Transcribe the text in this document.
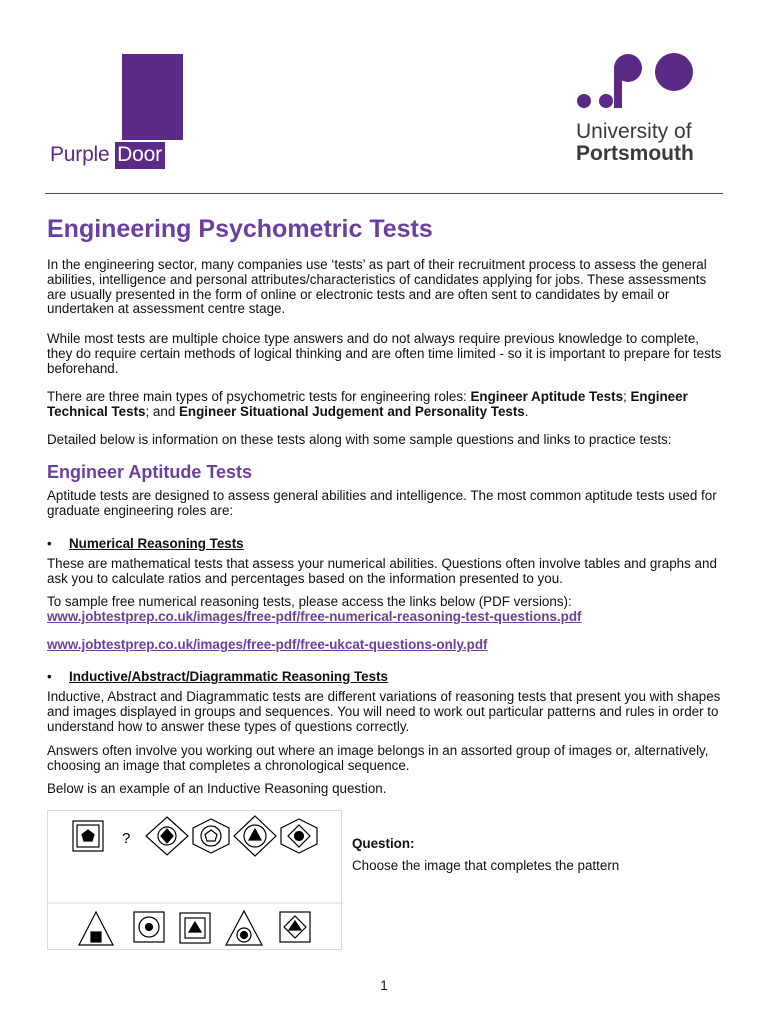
Purple Door
University of
Portsmouth
Engineering Psychometric Tests
In the engineering sector, many companies use ‘tests’ as part of their recruitment process to assess the general abilities, intelligence and personal attributes/characteristics of candidates applying for jobs. These assessments are usually presented in the form of online or electronic tests and are often sent to candidates by email or undertaken at assessment centre stage.
While most tests are multiple choice type answers and do not always require previous knowledge to complete, they do require certain methods of logical thinking and are often time limited - so it is important to prepare for tests beforehand.
There are three main types of psychometric tests for engineering roles: Engineer Aptitude Tests; Engineer Technical Tests; and Engineer Situational Judgement and Personality Tests.
Detailed below is information on these tests along with some sample questions and links to practice tests:
Engineer Aptitude Tests
Aptitude tests are designed to assess general abilities and intelligence. The most common aptitude tests used for graduate engineering roles are:
• Numerical Reasoning Tests
These are mathematical tests that assess your numerical abilities. Questions often involve tables and graphs and ask you to calculate ratios and percentages based on the information presented to you.
To sample free numerical reasoning tests, please access the links below (PDF versions):
www.jobtestprep.co.uk/images/free-pdf/free-numerical-reasoning-test-questions.pdf
www.jobtestprep.co.uk/images/free-pdf/free-ukcat-questions-only.pdf
• Inductive/Abstract/Diagrammatic Reasoning Tests
Inductive, Abstract and Diagrammatic tests are different variations of reasoning tests that present you with shapes and images displayed in groups and sequences. You will need to work out particular patterns and rules in order to understand how to answer these types of questions correctly.
Answers often involve you working out where an image belongs in an assorted group of images or, alternatively, choosing an image that completes a chronological sequence.
Below is an example of an Inductive Reasoning question.
?	Question:
Choose the image that completes the pattern
1
